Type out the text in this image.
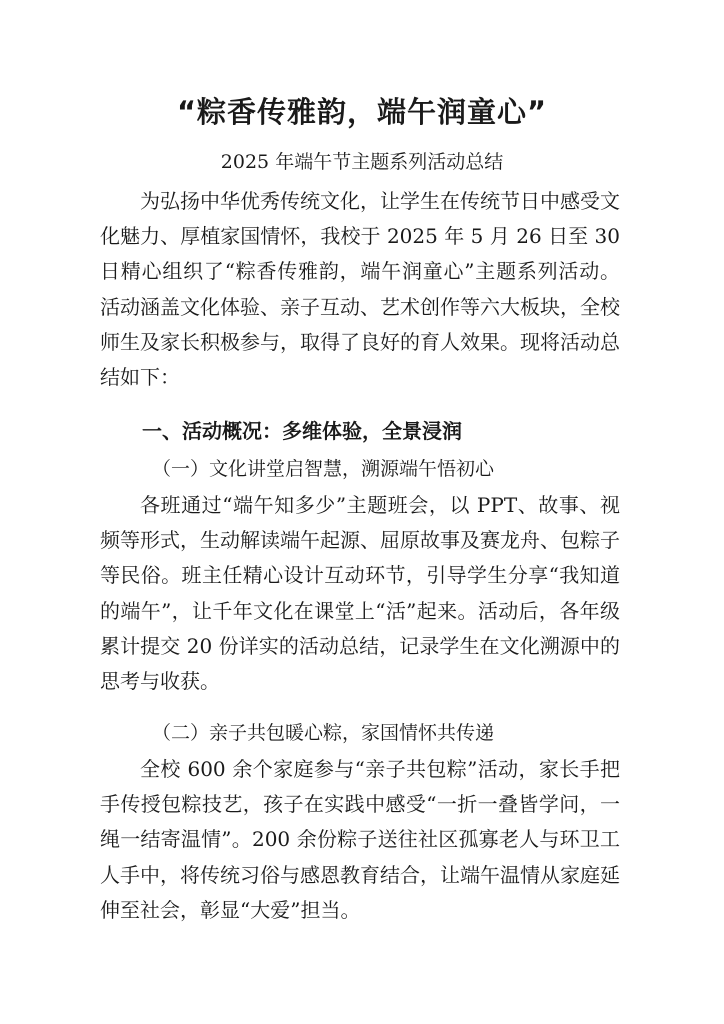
“粽香传雅韵，端午润童心”

2025 年端午节主题系列活动总结

为弘扬中华优秀传统文化，让学生在传统节日中感受文化魅力、厚植家国情怀，我校于 2025 年 5 月 26 日至 30 日精心组织了“粽香传雅韵，端午润童心”主题系列活动。活动涵盖文化体验、亲子互动、艺术创作等六大板块，全校师生及家长积极参与，取得了良好的育人效果。现将活动总结如下：

一、活动概况：多维体验，全景浸润

（一）文化讲堂启智慧，溯源端午悟初心

各班通过“端午知多少”主题班会，以 PPT、故事、视频等形式，生动解读端午起源、屈原故事及赛龙舟、包粽子等民俗。班主任精心设计互动环节，引导学生分享“我知道的端午”，让千年文化在课堂上“活”起来。活动后，各年级累计提交 20 份详实的活动总结，记录学生在文化溯源中的思考与收获。

（二）亲子共包暖心粽，家国情怀共传递

全校 600 余个家庭参与“亲子共包粽”活动，家长手把手传授包粽技艺，孩子在实践中感受“一折一叠皆学问，一绳一结寄温情”。200 余份粽子送往社区孤寡老人与环卫工人手中，将传统习俗与感恩教育结合，让端午温情从家庭延伸至社会，彰显“大爱”担当。
